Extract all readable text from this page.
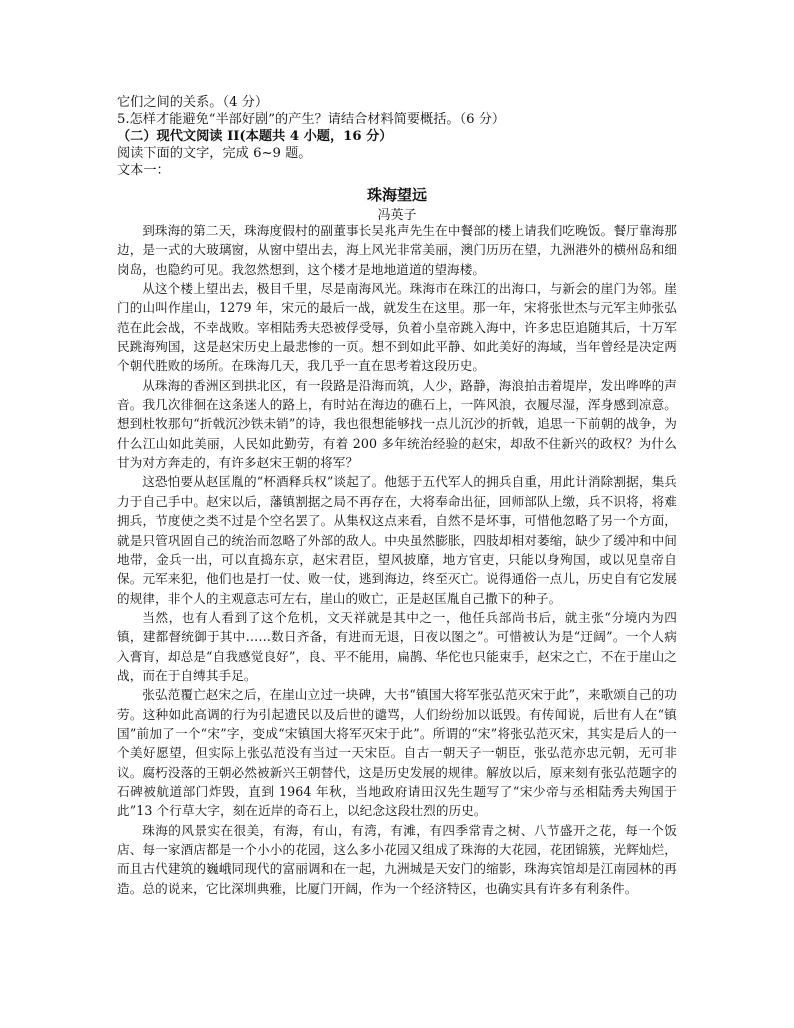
它们之间的关系。（4 分）
5.怎样才能避免“半部好剧”的产生？请结合材料简要概括。（6 分）
（二）现代文阅读 II(本题共 4 小题，16 分）
阅读下面的文字，完成 6~9 题。
文本一：
珠海望远
冯英子

到珠海的第二天，珠海度假村的副董事长吴兆声先生在中餐部的楼上请我们吃晚饭。餐厅靠海那边，是一式的大玻璃窗，从窗中望出去，海上风光非常美丽，澳门历历在望，九洲港外的横州岛和细岗岛，也隐约可见。我忽然想到，这个楼才是地地道道的望海楼。

从这个楼上望出去，极目千里，尽是南海风光。珠海市在珠江的出海口，与新会的崖门为邻。崖门的山叫作崖山，1279 年，宋元的最后一战，就发生在这里。那一年，宋将张世杰与元军主帅张弘范在此会战，不幸战败。宰相陆秀夫恐被俘受辱，负着小皇帝跳入海中，许多忠臣追随其后，十万军民跳海殉国，这是赵宋历史上最悲惨的一页。想不到如此平静、如此美好的海域，当年曾经是决定两个朝代胜败的场所。在珠海几天，我几乎一直在思考着这段历史。

从珠海的香洲区到拱北区，有一段路是沿海而筑，人少，路静，海浪拍击着堤岸，发出哗哗的声音。我几次徘徊在这条迷人的路上，有时站在海边的礁石上，一阵风浪，衣履尽湿，浑身感到凉意。想到杜牧那句“折戟沉沙铁未销”的诗，我也很想能够找一点儿沉沙的折戟，追思一下前朝的战争，为什么江山如此美丽，人民如此勤劳，有着 200 多年统治经验的赵宋，却敌不住新兴的政权？为什么甘为对方奔走的，有许多赵宋王朝的将军？

这恐怕要从赵匡胤的“杯酒释兵权”谈起了。他惩于五代军人的拥兵自重，用此计消除割据，集兵力于自己手中。赵宋以后，藩镇割据之局不再存在，大将奉命出征，回师部队上缴，兵不识将，将难拥兵，节度使之类不过是个空名罢了。从集权这点来看，自然不是坏事，可惜他忽略了另一个方面，就是只管巩固自己的统治而忽略了外部的敌人。中央虽然膨胀，四肢却相对萎缩，缺少了缓冲和中间地带，金兵一出，可以直捣东京，赵宋君臣，望风披靡，地方官吏，只能以身殉国，或以见皇帝自保。元军来犯，他们也是打一仗、败一仗，逃到海边，终至灭亡。说得通俗一点儿，历史自有它发展的规律，非个人的主观意志可左右，崖山的败亡，正是赵匡胤自己撒下的种子。

当然，也有人看到了这个危机，文天祥就是其中之一，他任兵部尚书后，就主张“分境内为四镇，建都督统御于其中……数日齐备，有进而无退，日夜以图之”。可惜被认为是“迂阔”。一个人病入膏肓，却总是“自我感觉良好”，良、平不能用，扁鹊、华佗也只能束手，赵宋之亡，不在于崖山之战，而在于自缚其手足。

张弘范覆亡赵宋之后，在崖山立过一块碑，大书“镇国大将军张弘范灭宋于此”，来歌颂自己的功劳。这种如此高调的行为引起遗民以及后世的谴骂，人们纷纷加以诋毁。有传闻说，后世有人在“镇国”前加了一个“宋”字，变成“宋镇国大将军灭宋于此”。所谓的“宋”将张弘范灭宋，其实是后人的一个美好愿望，但实际上张弘范没有当过一天宋臣。自古一朝天子一朝臣，张弘范亦忠元朝，无可非议。腐朽没落的王朝必然被新兴王朝替代，这是历史发展的规律。解放以后，原来刻有张弘范题字的石碑被航道部门炸毁，直到 1964 年秋，当地政府请田汉先生题写了“宋少帝与丞相陆秀夫殉国于此”13 个行草大字，刻在近岸的奇石上，以纪念这段壮烈的历史。

珠海的风景实在很美，有海，有山，有湾，有滩，有四季常青之树、八节盛开之花，每一个饭店、每一家酒店都是一个小小的花园，这么多小花园又组成了珠海的大花园，花团锦簇，光辉灿烂，而且古代建筑的巍峨同现代的富丽调和在一起，九洲城是天安门的缩影，珠海宾馆却是江南园林的再造。总的说来，它比深圳典雅，比厦门开阔，作为一个经济特区，也确实具有许多有利条件。
